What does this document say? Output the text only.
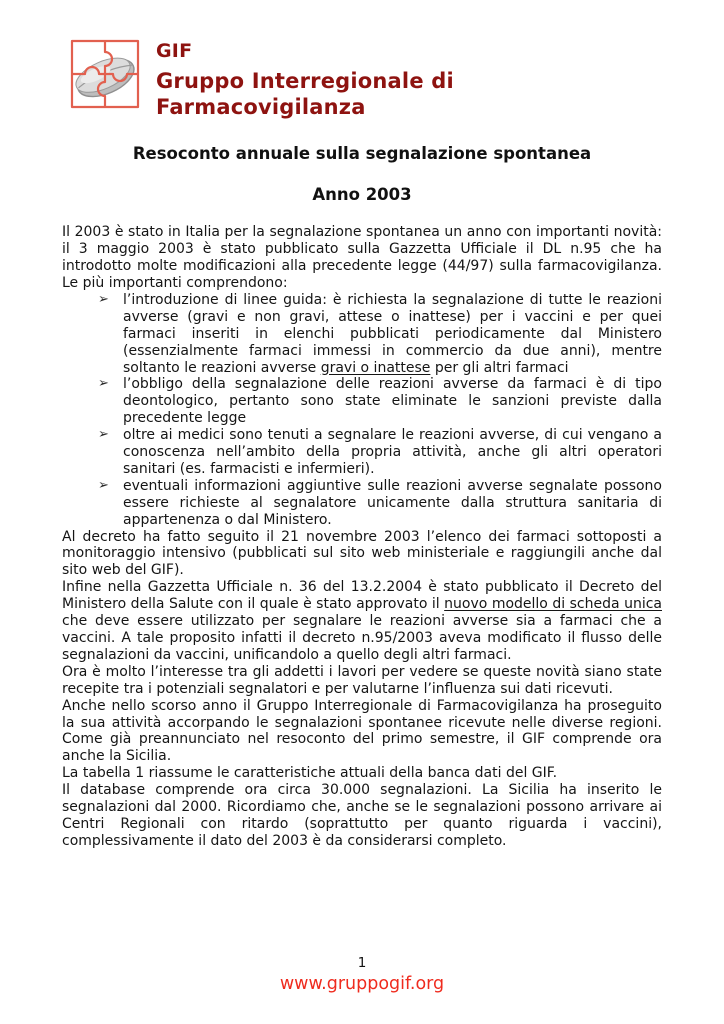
GIF
Gruppo Interregionale di Farmacovigilanza
Resoconto annuale sulla segnalazione spontanea
Anno 2003
Il 2003 è stato in Italia per la segnalazione spontanea un anno con importanti novità: il 3 maggio 2003 è stato pubblicato sulla Gazzetta Ufficiale il DL n.95 che ha introdotto molte modificazioni alla precedente legge (44/97) sulla farmacovigilanza. Le più importanti comprendono:
➢ l’introduzione di linee guida: è richiesta la segnalazione di tutte le reazioni avverse (gravi e non gravi, attese o inattese) per i vaccini e per quei farmaci inseriti in elenchi pubblicati periodicamente dal Ministero (essenzialmente farmaci immessi in commercio da due anni), mentre soltanto le reazioni avverse gravi o inattese per gli altri farmaci
➢ l’obbligo della segnalazione delle reazioni avverse da farmaci è di tipo deontologico, pertanto sono state eliminate le sanzioni previste dalla precedente legge
➢ oltre ai medici sono tenuti a segnalare le reazioni avverse, di cui vengano a conoscenza nell’ambito della propria attività, anche gli altri operatori sanitari (es. farmacisti e infermieri).
➢ eventuali informazioni aggiuntive sulle reazioni avverse segnalate possono essere richieste al segnalatore unicamente dalla struttura sanitaria di appartenenza o dal Ministero.
Al decreto ha fatto seguito il 21 novembre 2003 l’elenco dei farmaci sottoposti a monitoraggio intensivo (pubblicati sul sito web ministeriale e raggiungili anche dal sito web del GIF).
Infine nella Gazzetta Ufficiale n. 36 del 13.2.2004 è stato pubblicato il Decreto del Ministero della Salute con il quale è stato approvato il nuovo modello di scheda unica che deve essere utilizzato per segnalare le reazioni avverse sia a farmaci che a vaccini. A tale proposito infatti il decreto n.95/2003 aveva modificato il flusso delle segnalazioni da vaccini, unificandolo a quello degli altri farmaci.
Ora è molto l’interesse tra gli addetti i lavori per vedere se queste novità siano state recepite tra i potenziali segnalatori e per valutarne l’influenza sui dati ricevuti.
Anche nello scorso anno il Gruppo Interregionale di Farmacovigilanza ha proseguito la sua attività accorpando le segnalazioni spontanee ricevute nelle diverse regioni. Come già preannunciato nel resoconto del primo semestre, il GIF comprende ora anche la Sicilia.
La tabella 1 riassume le caratteristiche attuali della banca dati del GIF.
Il database comprende ora circa 30.000 segnalazioni. La Sicilia ha inserito le segnalazioni dal 2000. Ricordiamo che, anche se le segnalazioni possono arrivare ai Centri Regionali con ritardo (soprattutto per quanto riguarda i vaccini), complessivamente il dato del 2003 è da considerarsi completo.
1
www.gruppogif.org
